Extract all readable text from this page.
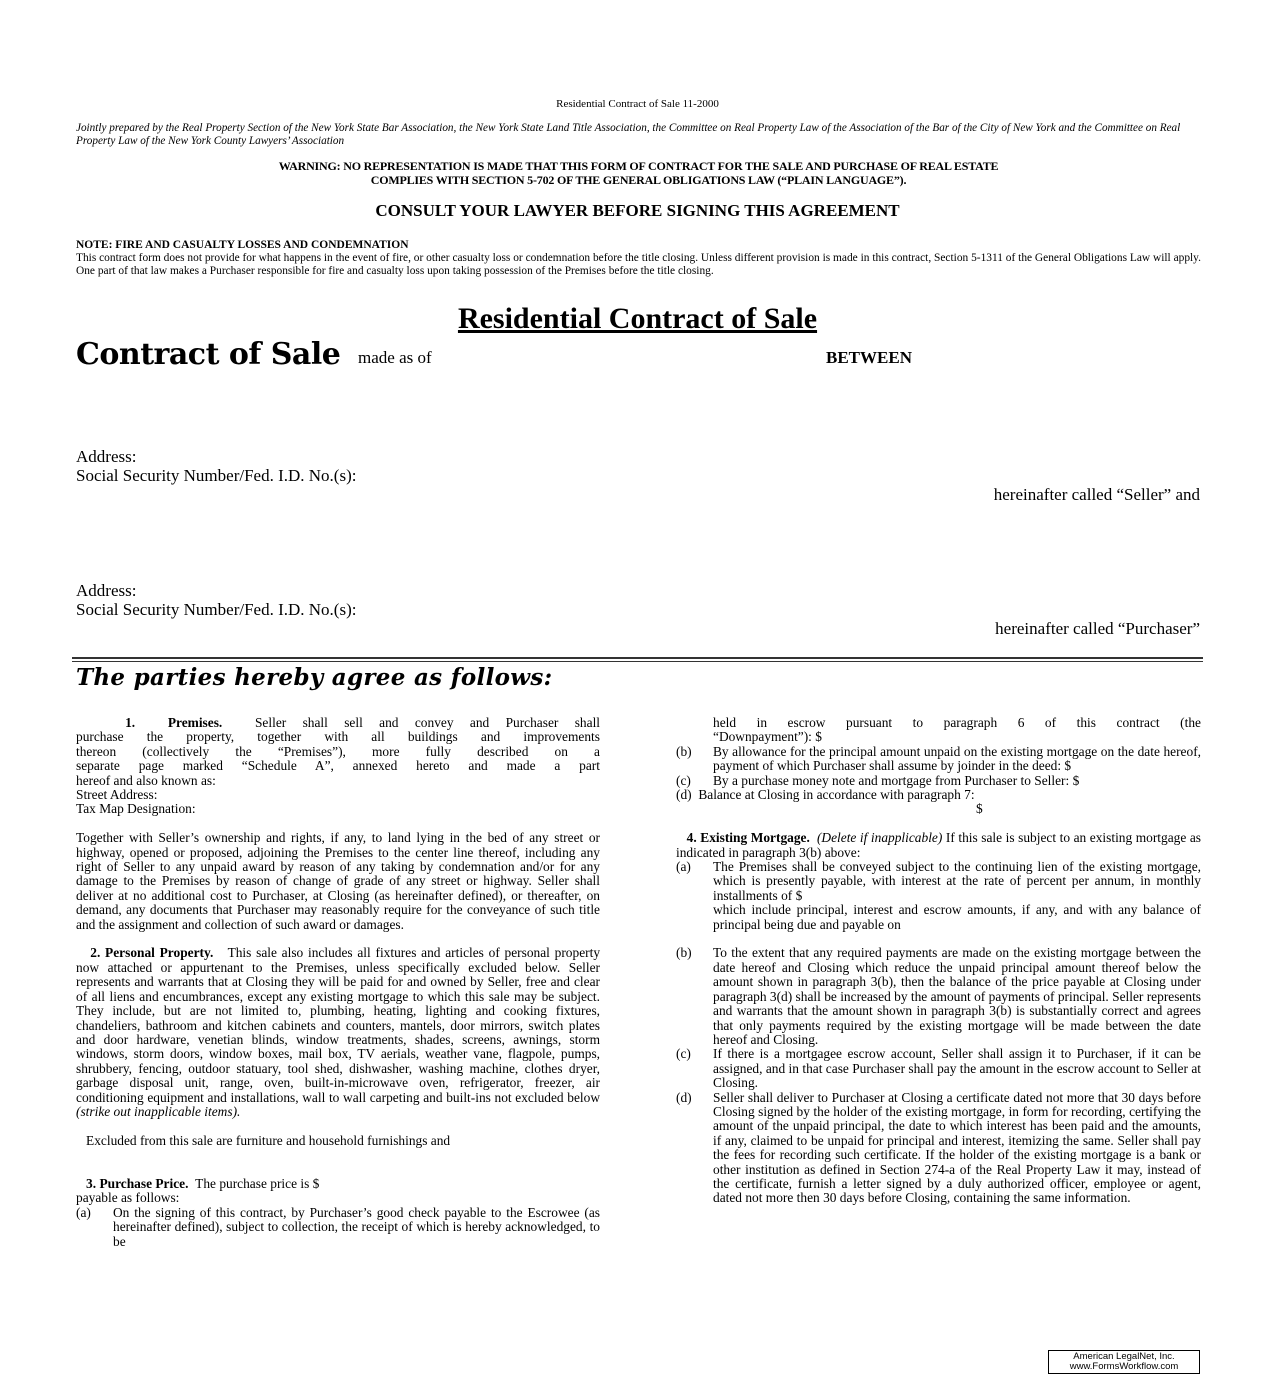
Residential Contract of Sale 11-2000
Jointly prepared by the Real Property Section of the New York State Bar Association, the New York State Land Title Association, the Committee on Real Property Law of the Association of the Bar of the City of New York and the Committee on Real Property Law of the New York County Lawyers’ Association
WARNING: NO REPRESENTATION IS MADE THAT THIS FORM OF CONTRACT FOR THE SALE AND PURCHASE OF REAL ESTATE
COMPLIES WITH SECTION 5-702 OF THE GENERAL OBLIGATIONS LAW (“PLAIN LANGUAGE”).
CONSULT YOUR LAWYER BEFORE SIGNING THIS AGREEMENT
NOTE: FIRE AND CASUALTY LOSSES AND CONDEMNATION
This contract form does not provide for what happens in the event of fire, or other casualty loss or condemnation before the title closing. Unless different provision is made in this contract, Section 5-1311 of the General Obligations Law will apply. One part of that law makes a Purchaser responsible for fire and casualty loss upon taking possession of the Premises before the title closing.
Residential Contract of Sale
Contract of Sale made as of	BETWEEN
Address:
Social Security Number/Fed. I.D. No.(s):
hereinafter called “Seller” and
Address:
Social Security Number/Fed. I.D. No.(s):
hereinafter called “Purchaser”
The parties hereby agree as follows:

1. Premises. Seller shall sell and convey and Purchaser shall

purchase the property, together with all buildings and improvements

thereon (collectively the “Premises”), more fully described on a

separate page marked “Schedule A”, annexed hereto and made a part

hereof and also known as:

Street Address:

Tax Map Designation:

Together with Seller’s ownership and rights, if any, to land lying in the bed of any street or highway, opened or proposed, adjoining the Premises to the center line thereof, including any right of Seller to any unpaid award by reason of any taking by condemnation and/or for any damage to the Premises by reason of change of grade of any street or highway. Seller shall deliver at no additional cost to Purchaser, at Closing (as hereinafter defined), or thereafter, on demand, any documents that Purchaser may reasonably require for the conveyance of such title and the assignment and collection of such award or damages.

2. Personal Property. This sale also includes all fixtures and articles of personal property now attached or appurtenant to the Premises, unless specifically excluded below. Seller represents and warrants that at Closing they will be paid for and owned by Seller, free and clear of all liens and encumbrances, except any existing mortgage to which this sale may be subject. They include, but are not limited to, plumbing, heating, lighting and cooking fixtures, chandeliers, bathroom and kitchen cabinets and counters, mantels, door mirrors, switch plates and door hardware, venetian blinds, window treatments, shades, screens, awnings, storm windows, storm doors, window boxes, mail box, TV aerials, weather vane, flagpole, pumps, shrubbery, fencing, outdoor statuary, tool shed, dishwasher, washing machine, clothes dryer, garbage disposal unit, range, oven, built-in-microwave oven, refrigerator, freezer, air conditioning equipment and installations, wall to wall carpeting and built-ins not excluded below (strike out inapplicable items).

Excluded from this sale are furniture and household furnishings and

3. Purchase Price. The purchase price is $

payable as follows:

(a) On the signing of this contract, by Purchaser’s good check payable to the Escrowee (as hereinafter defined), subject to collection, the receipt of which is hereby acknowledged, to be

held in escrow pursuant to paragraph 6 of this contract (the

“Downpayment”): $

(b) By allowance for the principal amount unpaid on the existing mortgage on the date hereof, payment of which Purchaser shall assume by joinder in the deed: $
(c) By a purchase money note and mortgage from Purchaser to Seller: $

(d) Balance at Closing in accordance with paragraph 7:

$

4. Existing Mortgage. (Delete if inapplicable) If this sale is subject to an existing mortgage as indicated in paragraph 3(b) above:

(a) The Premises shall be conveyed subject to the continuing lien of the existing mortgage, which is presently payable, with interest at the rate of percent per annum, in monthly installments of $

which include principal, interest and escrow amounts, if any, and with any balance of principal being due and payable on

(b) To the extent that any required payments are made on the existing mortgage between the date hereof and Closing which reduce the unpaid principal amount thereof below the amount shown in paragraph 3(b), then the balance of the price payable at Closing under paragraph 3(d) shall be increased by the amount of payments of principal. Seller represents and warrants that the amount shown in paragraph 3(b) is substantially correct and agrees that only payments required by the existing mortgage will be made between the date hereof and Closing.
(c) If there is a mortgagee escrow account, Seller shall assign it to Purchaser, if it can be assigned, and in that case Purchaser shall pay the amount in the escrow account to Seller at Closing.
(d) Seller shall deliver to Purchaser at Closing a certificate dated not more that 30 days before Closing signed by the holder of the existing mortgage, in form for recording, certifying the amount of the unpaid principal, the date to which interest has been paid and the amounts, if any, claimed to be unpaid for principal and interest, itemizing the same. Seller shall pay the fees for recording such certificate. If the holder of the existing mortgage is a bank or other institution as defined in Section 274-a of the Real Property Law it may, instead of the certificate, furnish a letter signed by a duly authorized officer, employee or agent, dated not more then 30 days before Closing, containing the same information.
American LegalNet, Inc.
www.FormsWorkflow.com
